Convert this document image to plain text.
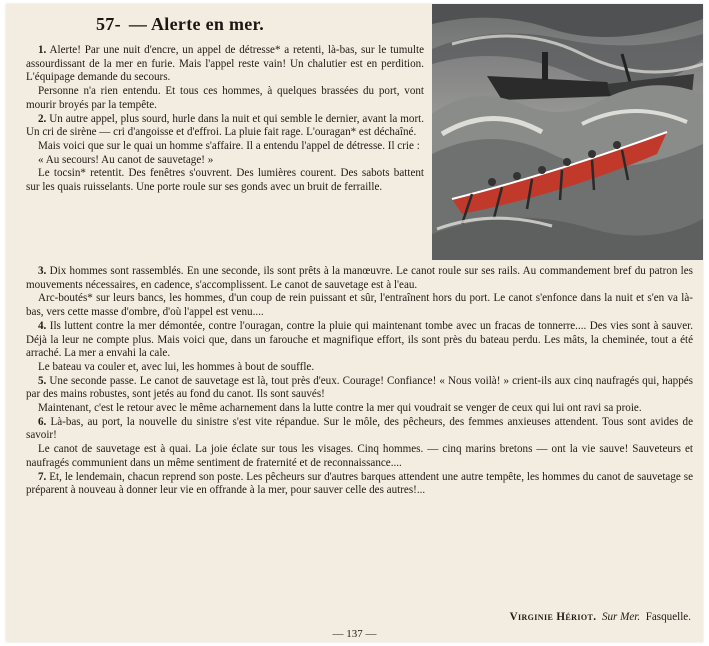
57- — Alerte en mer.

1. Alerte! Par une nuit d'encre, un appel de détresse* a retenti, là-bas, sur le tumulte assourdissant de la mer en furie. Mais l'appel reste vain! Un chalutier est en perdition. L'équipage demande du secours.

Personne n'a rien entendu. Et tous ces hommes, à quelques brassées du port, vont mourir broyés par la tempête.

2. Un autre appel, plus sourd, hurle dans la nuit et qui semble le dernier, avant la mort. Un cri de sirène — cri d'angoisse et d'effroi. La pluie fait rage. L'ouragan* est déchaîné.

Mais voici que sur le quai un homme s'affaire. Il a entendu l'appel de détresse. Il crie :

« Au secours! Au canot de sauvetage! »

Le tocsin* retentit. Des fenêtres s'ouvrent. Des lumières courent. Des sabots battent sur les quais ruisselants. Une porte roule sur ses gonds avec un bruit de ferraille.

3. Dix hommes sont rassemblés. En une seconde, ils sont prêts à la manœuvre. Le canot roule sur ses rails. Au commandement bref du patron les mouvements nécessaires, en cadence, s'accomplissent. Le canot de sauvetage est à l'eau.

Arc-boutés* sur leurs bancs, les hommes, d'un coup de rein puissant et sûr, l'entraînent hors du port. Le canot s'enfonce dans la nuit et s'en va là-bas, vers cette masse d'ombre, d'où l'appel est venu....

4. Ils luttent contre la mer démontée, contre l'ouragan, contre la pluie qui maintenant tombe avec un fracas de tonnerre.... Des vies sont à sauver. Déjà la leur ne compte plus. Mais voici que, dans un farouche et magnifique effort, ils sont près du bateau perdu. Les mâts, la cheminée, tout a été arraché. La mer a envahi la cale.

Le bateau va couler et, avec lui, les hommes à bout de souffle.

5. Une seconde passe. Le canot de sauvetage est là, tout près d'eux. Courage! Confiance! « Nous voilà! » crient-ils aux cinq naufragés qui, happés par des mains robustes, sont jetés au fond du canot. Ils sont sauvés!

Maintenant, c'est le retour avec le même acharnement dans la lutte contre la mer qui voudrait se venger de ceux qui lui ont ravi sa proie.

6. Là-bas, au port, la nouvelle du sinistre s'est vite répandue. Sur le môle, des pêcheurs, des femmes anxieuses attendent. Tous sont avides de savoir!

Le canot de sauvetage est à quai. La joie éclate sur tous les visages. Cinq hommes. — cinq marins bretons — ont la vie sauve! Sauveteurs et naufragés communient dans un même sentiment de fraternité et de reconnaissance....

7. Et, le lendemain, chacun reprend son poste. Les pêcheurs sur d'autres barques attendent une autre tempête, les hommes du canot de sauvetage se préparent à nouveau à donner leur vie en offrande à la mer, pour sauver celle des autres!...

Virginie Hériot. Sur Mer. Fasquelle.
— 137 —
